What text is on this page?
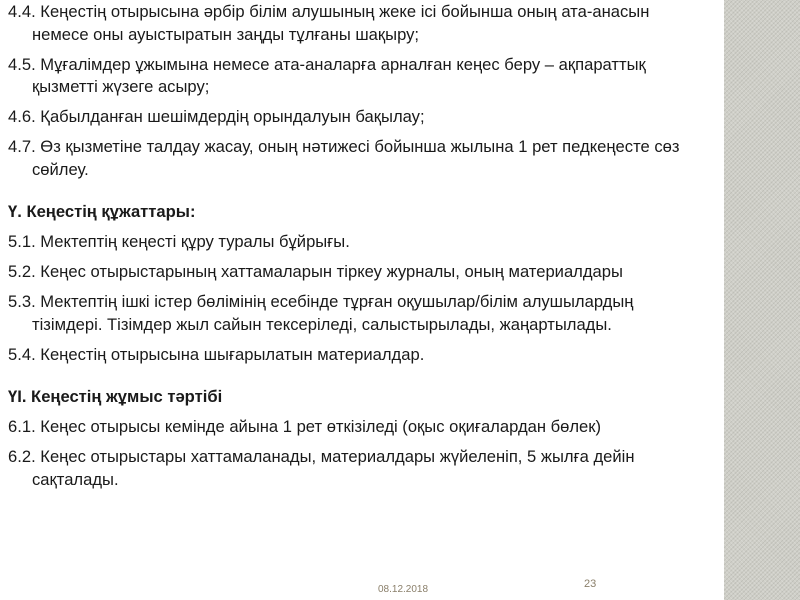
4.4. Кеңестің отырысына әрбір білім алушының жеке ісі бойынша оның ата-анасын немесе оны ауыстыратын заңды тұлғаны шақыру;

4.5. Мұғалімдер ұжымына немесе ата-аналарға арналған кеңес беру – ақпараттық қызметті жүзеге асыру;

4.6. Қабылданған шешімдердің орындалуын бақылау;

4.7. Өз қызметіне талдау жасау, оның нәтижесі бойынша жылына 1 рет педкеңесте сөз сөйлеу.

Ү. Кеңестің құжаттары:

5.1. Мектептің кеңесті құру туралы бұйрығы.

5.2. Кеңес отырыстарының хаттамаларын тіркеу журналы, оның материалдары

5.3. Мектептің ішкі істер бөлімінің есебінде тұрған оқушылар/білім алушылардың тізімдері. Тізімдер жыл сайын тексеріледі, салыстырылады, жаңартылады.

5.4. Кеңестің отырысына шығарылатын материалдар.

ҮІ. Кеңестің жұмыс тәртібі

6.1. Кеңес отырысы кемінде айына 1 рет өткізіледі (оқыс оқиғалардан бөлек)

6.2. Кеңес отырыстары хаттамаланады, материалдары жүйеленіп, 5 жылға дейін сақталады.

08.12.2018	23
